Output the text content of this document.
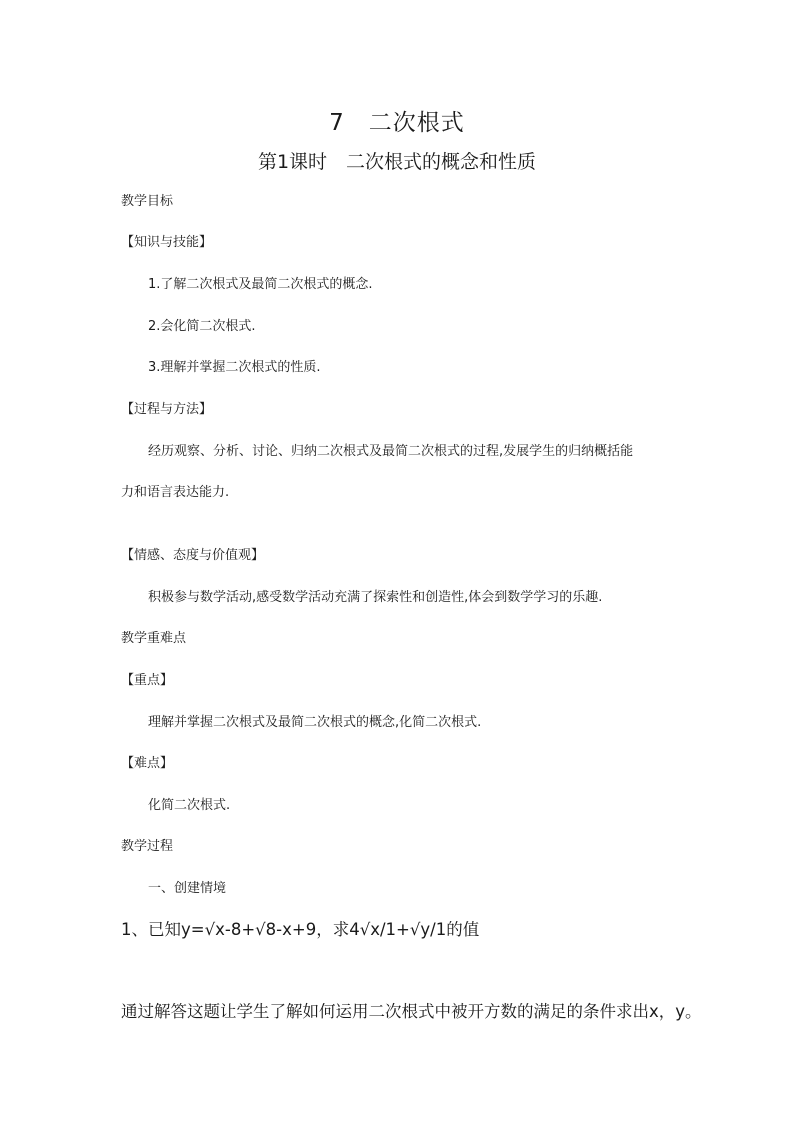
7　二次根式
第1课时　二次根式的概念和性质
教学目标
【知识与技能】
1.了解二次根式及最简二次根式的概念.
2.会化简二次根式.
3.理解并掌握二次根式的性质.
【过程与方法】
经历观察、分析、讨论、归纳二次根式及最简二次根式的过程,发展学生的归纳概括能
力和语言表达能力.
【情感、态度与价值观】
积极参与数学活动,感受数学活动充满了探索性和创造性,体会到数学学习的乐趣.
教学重难点
【重点】
理解并掌握二次根式及最简二次根式的概念,化简二次根式.
【难点】
化简二次根式.
教学过程
一、创建情境
1、已知y=√x-8+√8-x+9，求4√x/1+√y/1的值
通过解答这题让学生了解如何运用二次根式中被开方数的满足的条件求出x，y。
